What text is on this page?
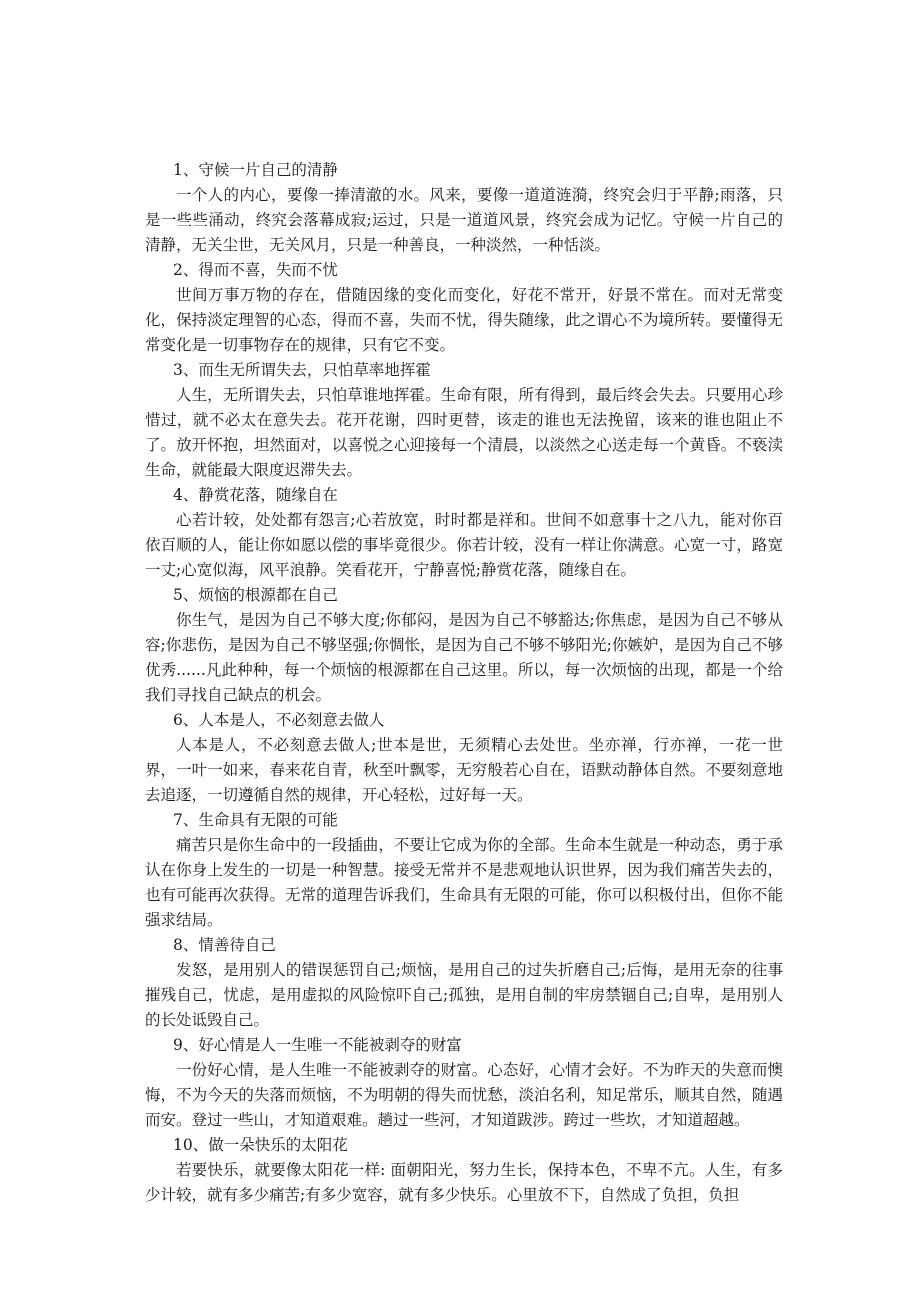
1、守候一片自己的清静

一个人的内心，要像一捧清澈的水。风来，要像一道道涟漪，终究会归于平静;雨落，只是一些些涌动，终究会落幕成寂;运过，只是一道道风景，终究会成为记忆。守候一片自己的清静，无关尘世，无关风月，只是一种善良，一种淡然，一种恬淡。

2、得而不喜，失而不忧

世间万事万物的存在，借随因缘的变化而变化，好花不常开，好景不常在。而对无常变化，保持淡定理智的心态，得而不喜，失而不忧，得失随缘，此之谓心不为境所转。要懂得无常变化是一切事物存在的规律，只有它不变。

3、而生无所谓失去，只怕草率地挥霍

人生，无所谓失去，只怕草谁地挥霍。生命有限，所有得到，最后终会失去。只要用心珍惜过，就不必太在意失去。花开花谢，四时更替，该走的谁也无法挽留，该来的谁也阻止不了。放开怀抱，坦然面对，以喜悦之心迎接每一个清晨，以淡然之心送走每一个黄昏。不亵渎生命，就能最大限度迟滞失去。

4、静赏花落，随缘自在

心若计较，处处都有怨言;心若放宽，时时都是祥和。世间不如意事十之八九，能对你百依百顺的人，能让你如愿以偿的事毕竟很少。你若计较，没有一样让你满意。心宽一寸，路宽一丈;心宽似海，风平浪静。笑看花开，宁静喜悦;静赏花落，随缘自在。

5、烦恼的根源都在自己

你生气，是因为自己不够大度;你郁闷，是因为自己不够豁达;你焦虑，是因为自己不够从容;你悲伤，是因为自己不够坚强;你惆怅，是因为自己不够不够阳光;你嫉妒，是因为自己不够优秀......凡此种种，每一个烦恼的根源都在自己这里。所以，每一次烦恼的出现，都是一个给我们寻找自己缺点的机会。

6、人本是人，不必刻意去做人

人本是人，不必刻意去做人;世本是世，无须精心去处世。坐亦禅，行亦禅，一花一世界，一叶一如来，春来花自青，秋至叶飘零，无穷般若心自在，语默动静体自然。不要刻意地去追逐，一切遵循自然的规律，开心轻松，过好每一天。

7、生命具有无限的可能

痛苦只是你生命中的一段插曲，不要让它成为你的全部。生命本生就是一种动态，勇于承认在你身上发生的一切是一种智慧。接受无常并不是悲观地认识世界，因为我们痛苦失去的，也有可能再次获得。无常的道理告诉我们，生命具有无限的可能，你可以积极付出，但你不能强求结局。

8、情善待自己

发怒，是用别人的错误惩罚自己;烦恼，是用自己的过失折磨自己;后悔，是用无奈的往事摧残自己，忧虑，是用虚拟的风险惊吓自己;孤独，是用自制的牢房禁锢自己;自卑，是用别人的长处诋毁自己。

9、好心情是人一生唯一不能被剥夺的财富

一份好心情，是人生唯一不能被剥夺的财富。心态好，心情才会好。不为昨天的失意而懊悔，不为今天的失落而烦恼，不为明朝的得失而忧愁，淡泊名利，知足常乐，顺其自然，随遇而安。登过一些山，才知道艰难。趟过一些河，才知道跋涉。跨过一些坎，才知道超越。

10、做一朵快乐的太阳花

若要快乐，就要像太阳花一样: 面朝阳光，努力生长，保持本色，不卑不亢。人生，有多少计较，就有多少痛苦;有多少宽容，就有多少快乐。心里放不下，自然成了负担，负担
